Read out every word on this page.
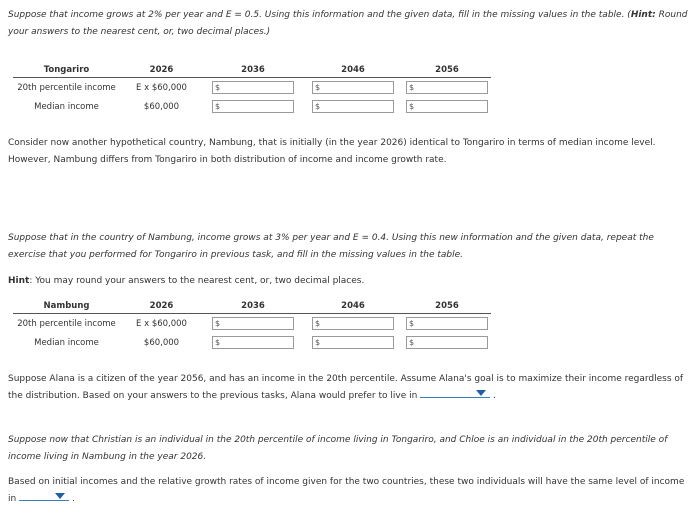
Suppose that income grows at 2% per year and E = 0.5. Using this information and the given data, fill in the missing values in the table. (Hint: Round your answers to the nearest cent, or, two decimal places.)

Tongariro	2026	2036	2046	2056
20th percentile income	E x $60,000	$	$	$

Median income	$60,000	$	$	$

Consider now another hypothetical country, Nambung, that is initially (in the year 2026) identical to Tongariro in terms of median income level. However, Nambung differs from Tongariro in both distribution of income and income growth rate.

Suppose that in the country of Nambung, income grows at 3% per year and E = 0.4. Using this new information and the given data, repeat the exercise that you performed for Tongariro in previous task, and fill in the missing values in the table.

Hint: You may round your answers to the nearest cent, or, two decimal places.

Nambung	2026	2036	2046	2056
20th percentile income	E x $60,000	$	$	$

Median income	$60,000	$	$	$

Suppose Alana is a citizen of the year 2056, and has an income in the 20th percentile. Assume Alana's goal is to maximize their income regardless of the distribution. Based on your answers to the previous tasks, Alana would prefer to live in	.

Suppose now that Christian is an individual in the 20th percentile of income living in Tongariro, and Chloe is an individual in the 20th percentile of income living in Nambung in the year 2026.

Based on initial incomes and the relative growth rates of income given for the two countries, these two individuals will have the same level of income in	.
